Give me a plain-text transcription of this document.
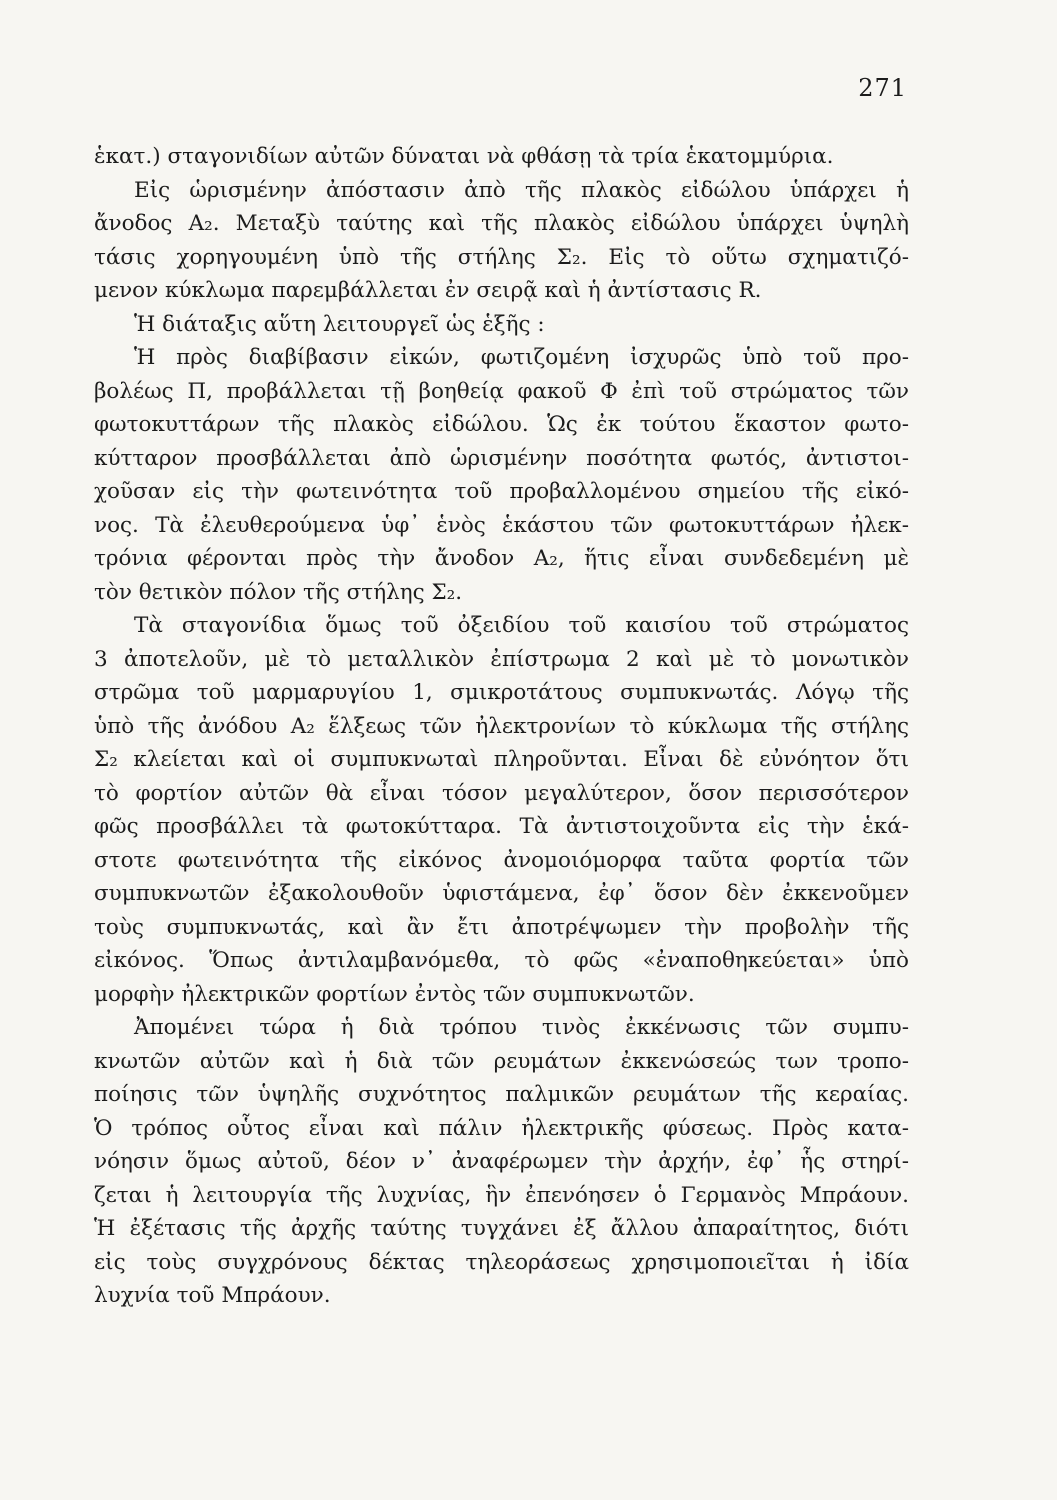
271

ἑκατ.) σταγονιδίων αὐτῶν δύναται νὰ φθάσῃ τὰ τρία ἑκατομμύρια.
Εἰς ὡρισμένην ἀπόστασιν ἀπὸ τῆς πλακὸς εἰδώλου ὑπάρχει ἡ
ἄνοδος A₂. Μεταξὺ ταύτης καὶ τῆς πλακὸς εἰδώλου ὑπάρχει ὑψηλὴ
τάσις χορηγουμένη ὑπὸ τῆς στήλης Σ₂. Εἰς τὸ οὕτω σχηματιζό-
μενον κύκλωμα παρεμβάλλεται ἐν σειρᾷ καὶ ἡ ἀντίστασις R.
Ἡ διάταξις αὕτη λειτουργεῖ ὡς ἑξῆς :
Ἡ πρὸς διαβίβασιν εἰκών, φωτιζομένη ἰσχυρῶς ὑπὸ τοῦ προ-
βολέως Π, προβάλλεται τῇ βοηθείᾳ φακοῦ Φ ἐπὶ τοῦ στρώματος τῶν
φωτοκυττάρων τῆς πλακὸς εἰδώλου. Ὡς ἐκ τούτου ἕκαστον φωτο-
κύτταρον προσβάλλεται ἀπὸ ὡρισμένην ποσότητα φωτός, ἀντιστοι-
χοῦσαν εἰς τὴν φωτεινότητα τοῦ προβαλλομένου σημείου τῆς εἰκό-
νος. Τὰ ἐλευθερούμενα ὑφ᾽ ἑνὸς ἑκάστου τῶν φωτοκυττάρων ἠλεκ-
τρόνια φέρονται πρὸς τὴν ἄνοδον A₂, ἥτις εἶναι συνδεδεμένη μὲ
τὸν θετικὸν πόλον τῆς στήλης Σ₂.
Τὰ σταγονίδια ὅμως τοῦ ὀξειδίου τοῦ καισίου τοῦ στρώματος
3 ἀποτελοῦν, μὲ τὸ μεταλλικὸν ἐπίστρωμα 2 καὶ μὲ τὸ μονωτικὸν
στρῶμα τοῦ μαρμαρυγίου 1, σμικροτάτους συμπυκνωτάς. Λόγῳ τῆς
ὑπὸ τῆς ἀνόδου A₂ ἕλξεως τῶν ἠλεκτρονίων τὸ κύκλωμα τῆς στήλης
Σ₂ κλείεται καὶ οἱ συμπυκνωταὶ πληροῦνται. Εἶναι δὲ εὐνόητον ὅτι
τὸ φορτίον αὐτῶν θὰ εἶναι τόσον μεγαλύτερον, ὅσον περισσότερον
φῶς προσβάλλει τὰ φωτοκύτταρα. Τὰ ἀντιστοιχοῦντα εἰς τὴν ἑκά-
στοτε φωτεινότητα τῆς εἰκόνος ἀνομοιόμορφα ταῦτα φορτία τῶν
συμπυκνωτῶν ἐξακολουθοῦν ὑφιστάμενα, ἐφ᾽ ὅσον δὲν ἐκκενοῦμεν
τοὺς συμπυκνωτάς, καὶ ἂν ἔτι ἀποτρέψωμεν τὴν προβολὴν τῆς
εἰκόνος. Ὅπως ἀντιλαμβανόμεθα, τὸ φῶς «ἐναποθηκεύεται» ὑπὸ
μορφὴν ἠλεκτρικῶν φορτίων ἐντὸς τῶν συμπυκνωτῶν.
Ἀπομένει τώρα ἡ διὰ τρόπου τινὸς ἐκκένωσις τῶν συμπυ-
κνωτῶν αὐτῶν καὶ ἡ διὰ τῶν ρευμάτων ἐκκενώσεώς των τροπο-
ποίησις τῶν ὑψηλῆς συχνότητος παλμικῶν ρευμάτων τῆς κεραίας.
Ὁ τρόπος οὗτος εἶναι καὶ πάλιν ἠλεκτρικῆς φύσεως. Πρὸς κατα-
νόησιν ὅμως αὐτοῦ, δέον ν᾽ ἀναφέρωμεν τὴν ἀρχήν, ἐφ᾽ ἧς στηρί-
ζεται ἡ λειτουργία τῆς λυχνίας, ἣν ἐπενόησεν ὁ Γερμανὸς Μπράουν.
Ἡ ἐξέτασις τῆς ἀρχῆς ταύτης τυγχάνει ἐξ ἄλλου ἀπαραίτητος, διότι
εἰς τοὺς συγχρόνους δέκτας τηλεοράσεως χρησιμοποιεῖται ἡ ἰδία
λυχνία τοῦ Μπράουν.
